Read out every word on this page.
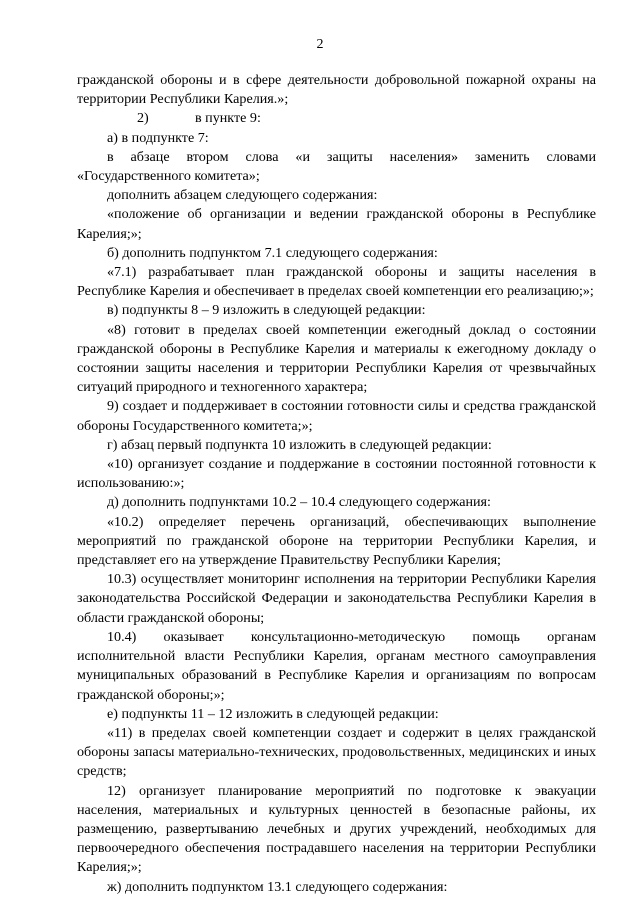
2

гражданской обороны и в сфере деятельности добровольной пожарной охраны на территории Республики Карелия.»;

2)	в пункте 9:

а) в подпункте 7:

в абзаце втором слова «и защиты населения» заменить словами «Государственного комитета»;

дополнить абзацем следующего содержания:

«положение об организации и ведении гражданской обороны в Республике Карелия;»;

б) дополнить подпунктом 7.1 следующего содержания:

«7.1) разрабатывает план гражданской обороны и защиты населения в Республике Карелия и обеспечивает в пределах своей компетенции его реализацию;»;

в) подпункты 8 – 9 изложить в следующей редакции:

«8) готовит в пределах своей компетенции ежегодный доклад о состоянии гражданской обороны в Республике Карелия и материалы к ежегодному докладу о состоянии защиты населения и территории Республики Карелия от чрезвычайных ситуаций природного и техногенного характера;

9) создает и поддерживает в состоянии готовности силы и средства гражданской обороны Государственного комитета;»;

г) абзац первый подпункта 10 изложить в следующей редакции:

«10) организует создание и поддержание в состоянии постоянной готовности к использованию:»;

д) дополнить подпунктами 10.2 – 10.4 следующего содержания:

«10.2) определяет перечень организаций, обеспечивающих выполнение мероприятий по гражданской обороне на территории Республики Карелия, и представляет его на утверждение Правительству Республики Карелия;

10.3) осуществляет мониторинг исполнения на территории Республики Карелия законодательства Российской Федерации и законодательства Республики Карелия в области гражданской обороны;

10.4) оказывает консультационно-методическую помощь органам исполнительной власти Республики Карелия, органам местного самоуправления муниципальных образований в Республике Карелия и организациям по вопросам гражданской обороны;»;

е) подпункты 11 – 12 изложить в следующей редакции:

«11) в пределах своей компетенции создает и содержит в целях гражданской обороны запасы материально-технических, продовольственных, медицинских и иных средств;

12) организует планирование мероприятий по подготовке к эвакуации населения, материальных и культурных ценностей в безопасные районы, их размещению, развертыванию лечебных и других учреждений, необходимых для первоочередного обеспечения пострадавшего населения на территории Республики Карелия;»;

ж) дополнить подпунктом 13.1 следующего содержания:
